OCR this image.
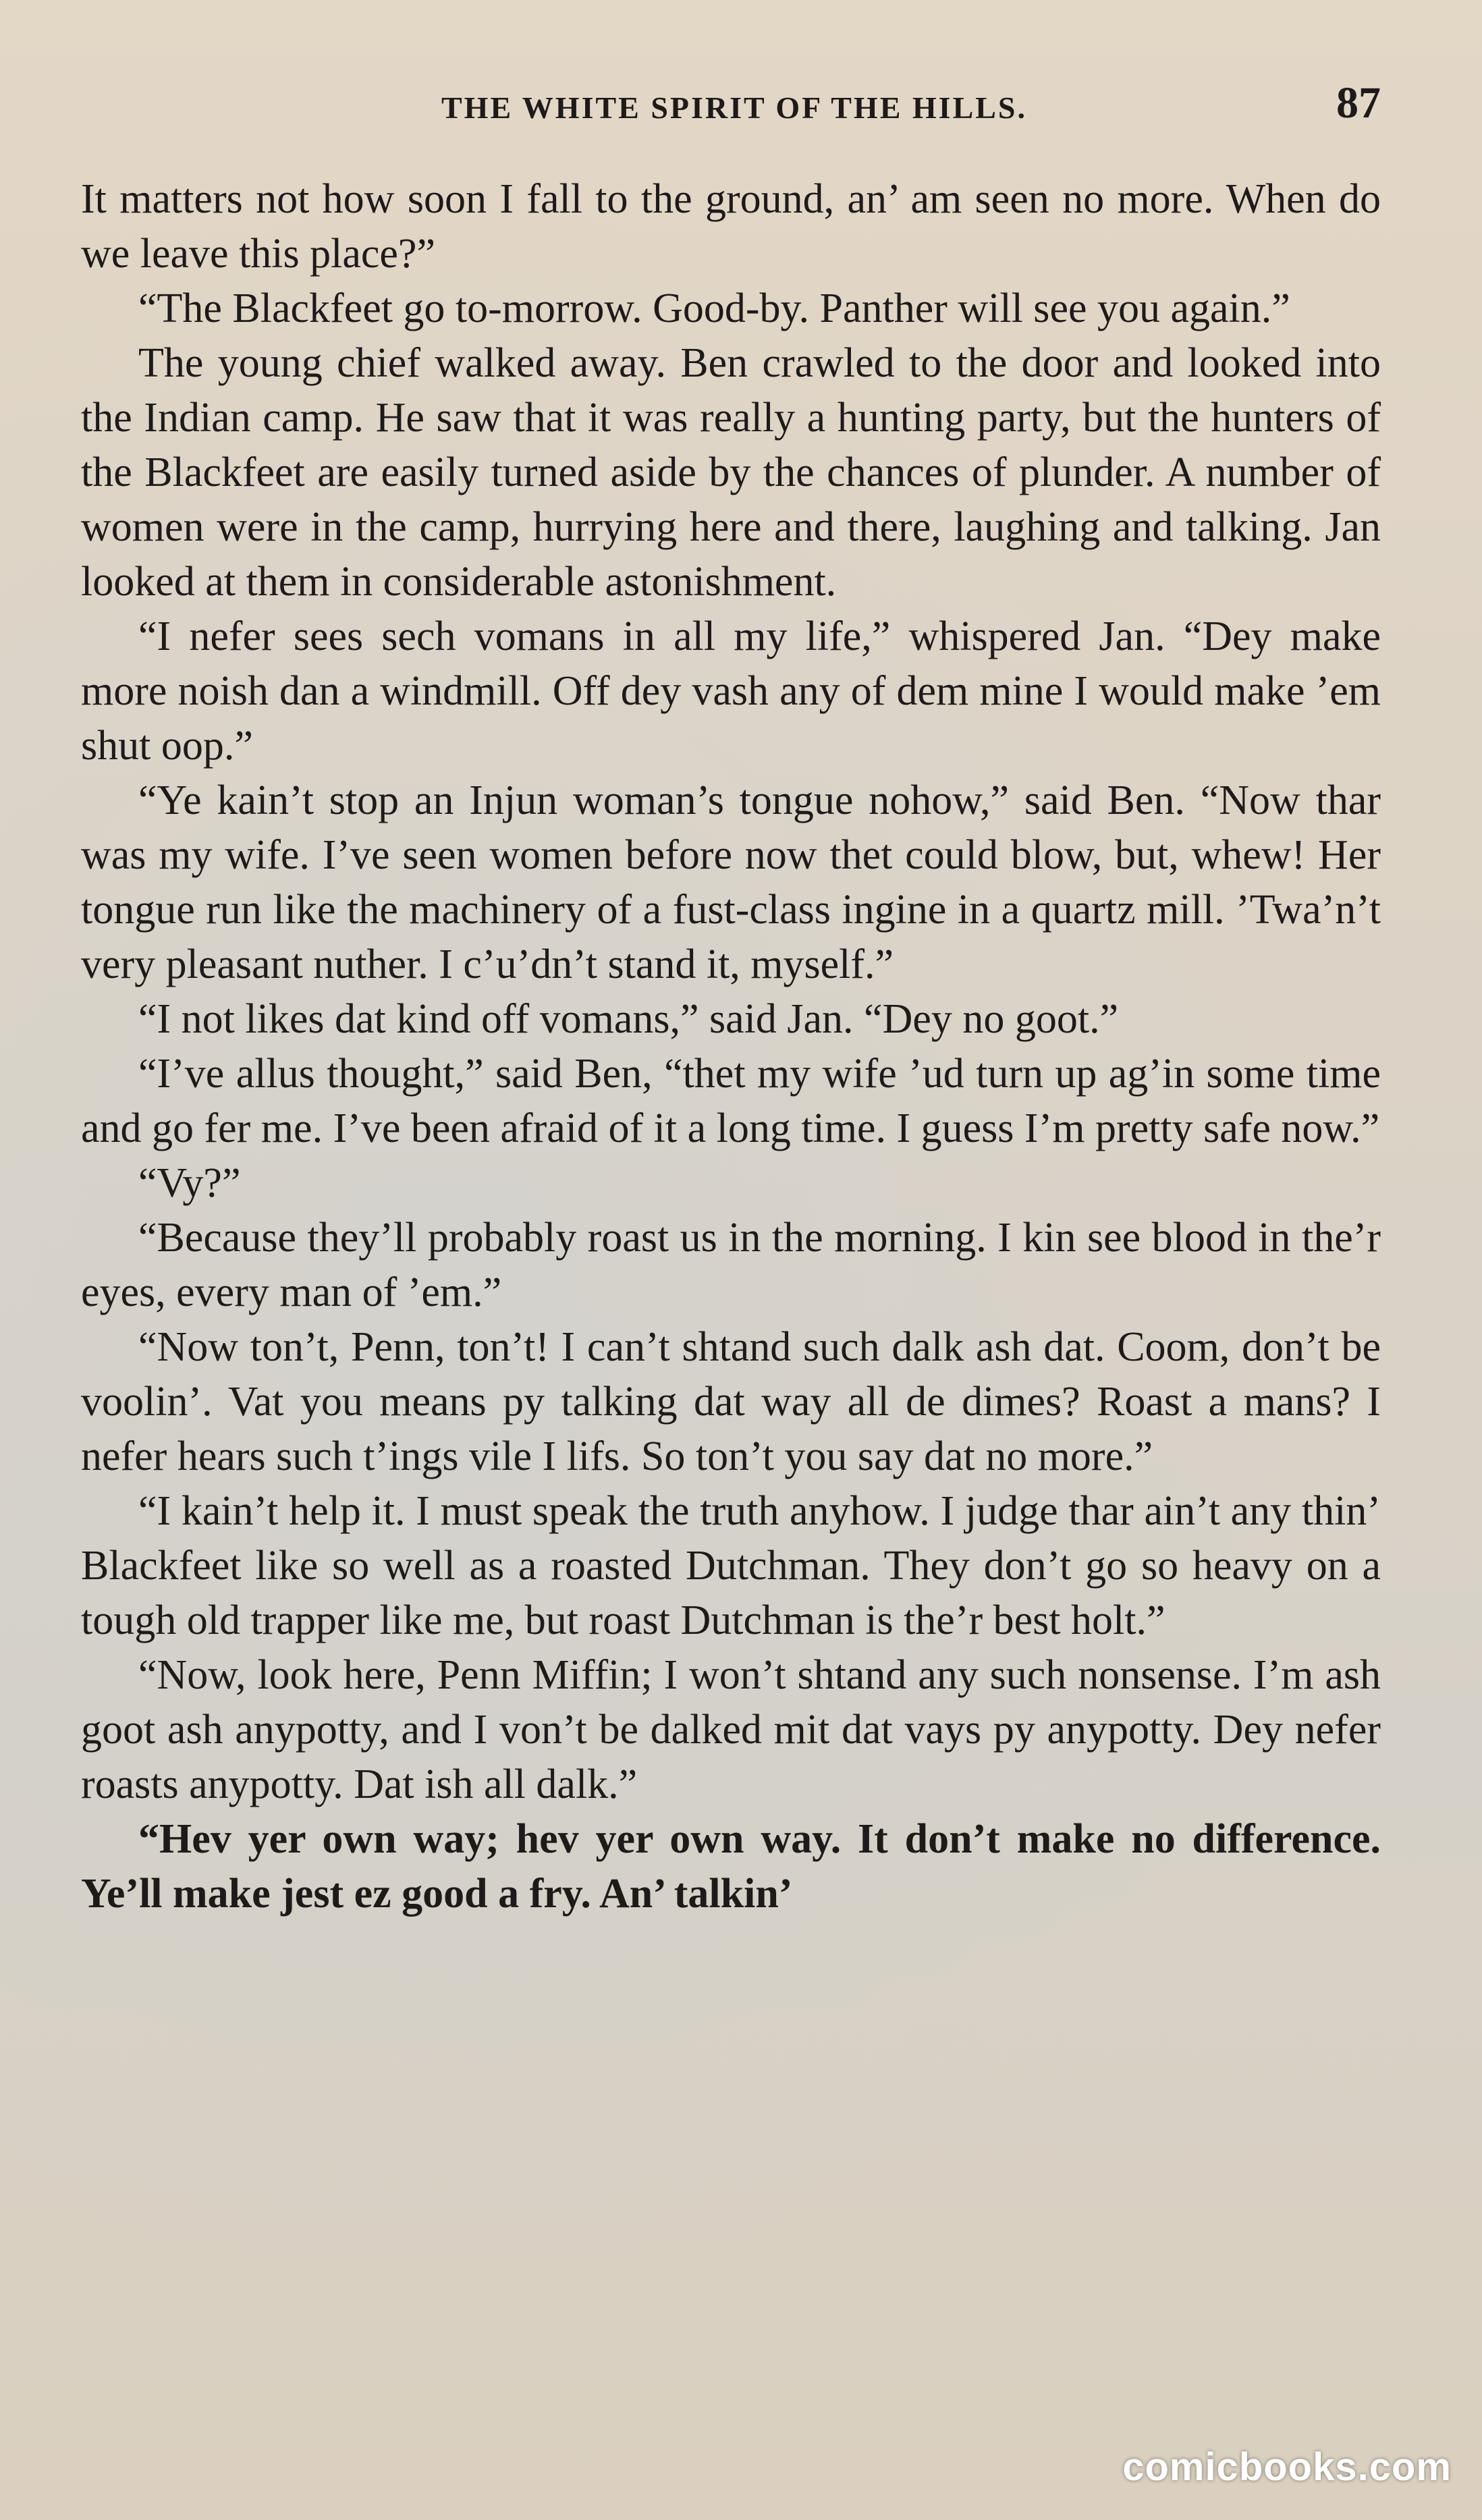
THE WHITE SPIRIT OF THE HILLS.	87

It matters not how soon I fall to the ground, an’ am seen no more. When do we leave this place?”

“The Blackfeet go to-morrow. Good-by. Panther will see you again.”

The young chief walked away. Ben crawled to the door and looked into the Indian camp. He saw that it was really a hunting party, but the hunters of the Blackfeet are easily turned aside by the chances of plunder. A number of women were in the camp, hurrying here and there, laughing and talking. Jan looked at them in considerable astonishment.

“I nefer sees sech vomans in all my life,” whispered Jan. “Dey make more noish dan a windmill. Off dey vash any of dem mine I would make ’em shut oop.”

“Ye kain’t stop an Injun woman’s tongue nohow,” said Ben. “Now thar was my wife. I’ve seen women before now thet could blow, but, whew! Her tongue run like the machinery of a fust-class ingine in a quartz mill. ’Twa’n’t very pleasant nuther. I c’u’dn’t stand it, myself.”

“I not likes dat kind off vomans,” said Jan. “Dey no goot.”

“I’ve allus thought,” said Ben, “thet my wife ’ud turn up ag’in some time and go fer me. I’ve been afraid of it a long time. I guess I’m pretty safe now.”

“Vy?”

“Because they’ll probably roast us in the morning. I kin see blood in the’r eyes, every man of ’em.”

“Now ton’t, Penn, ton’t! I can’t shtand such dalk ash dat. Coom, don’t be voolin’. Vat you means py talking dat way all de dimes? Roast a mans? I nefer hears such t’ings vile I lifs. So ton’t you say dat no more.”

“I kain’t help it. I must speak the truth anyhow. I judge thar ain’t any thin’ Blackfeet like so well as a roasted Dutchman. They don’t go so heavy on a tough old trapper like me, but roast Dutchman is the’r best holt.”

“Now, look here, Penn Miffin; I won’t shtand any such nonsense. I’m ash goot ash anypotty, and I von’t be dalked mit dat vays py anypotty. Dey nefer roasts anypotty. Dat ish all dalk.”

“Hev yer own way; hev yer own way. It don’t make no difference. Ye’ll make jest ez good a fry. An’ talkin’

comicbooks.com
